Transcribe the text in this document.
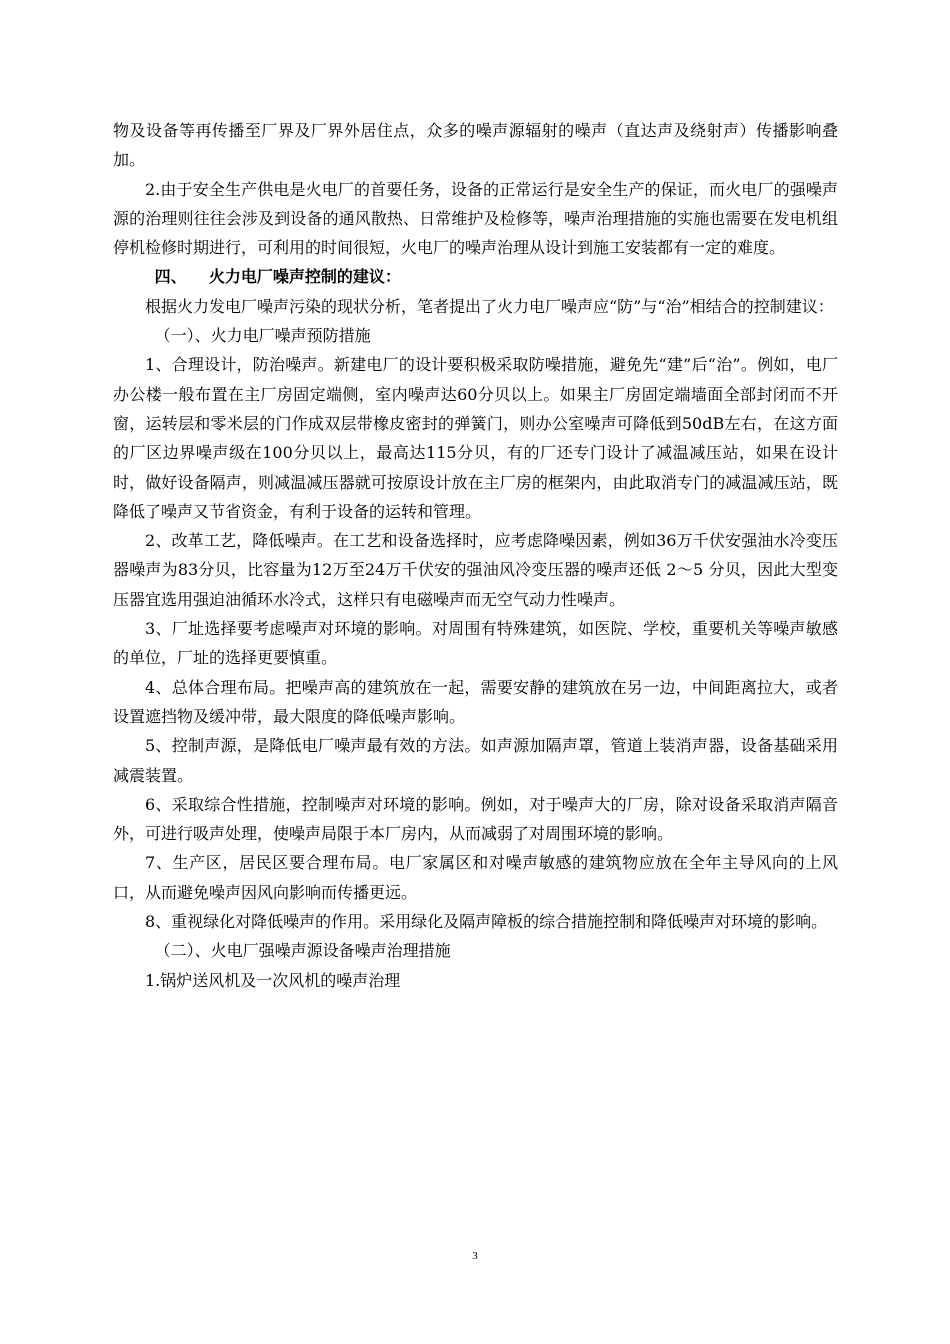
物及设备等再传播至厂界及厂界外居住点，众多的噪声源辐射的噪声（直达声及绕射声）传播影响叠加。

2.由于安全生产供电是火电厂的首要任务，设备的正常运行是安全生产的保证，而火电厂的强噪声源的治理则往往会涉及到设备的通风散热、日常维护及检修等，噪声治理措施的实施也需要在发电机组停机检修时期进行，可利用的时间很短，火电厂的噪声治理从设计到施工安装都有一定的难度。

四、    火力电厂噪声控制的建议：

根据火力发电厂噪声污染的现状分析，笔者提出了火力电厂噪声应“防”与“治”相结合的控制建议：

（一）、火力电厂噪声预防措施

1、合理设计，防治噪声。新建电厂的设计要积极采取防噪措施，避免先“建”后“治”。例如，电厂办公楼一般布置在主厂房固定端侧，室内噪声达60分贝以上。如果主厂房固定端墙面全部封闭而不开窗，运转层和零米层的门作成双层带橡皮密封的弹簧门，则办公室噪声可降低到50dB左右，在这方面的厂区边界噪声级在100分贝以上，最高达115分贝，有的厂还专门设计了减温减压站，如果在设计时，做好设备隔声，则减温减压器就可按原设计放在主厂房的框架内，由此取消专门的减温减压站，既降低了噪声又节省资金，有利于设备的运转和管理。

2、改革工艺，降低噪声。在工艺和设备选择时，应考虑降噪因素，例如36万千伏安强油水冷变压器噪声为83分贝，比容量为12万至24万千伏安的强油风冷变压器的噪声还低 2～5 分贝，因此大型变压器宜选用强迫油循环水冷式，这样只有电磁噪声而无空气动力性噪声。

3、厂址选择要考虑噪声对环境的影响。对周围有特殊建筑，如医院、学校，重要机关等噪声敏感的单位，厂址的选择更要慎重。

4、总体合理布局。把噪声高的建筑放在一起，需要安静的建筑放在另一边，中间距离拉大，或者设置遮挡物及缓冲带，最大限度的降低噪声影响。

5、控制声源，是降低电厂噪声最有效的方法。如声源加隔声罩，管道上装消声器，设备基础采用减震装置。

6、采取综合性措施，控制噪声对环境的影响。例如，对于噪声大的厂房，除对设备采取消声隔音外，可进行吸声处理，使噪声局限于本厂房内，从而减弱了对周围环境的影响。

7、生产区，居民区要合理布局。电厂家属区和对噪声敏感的建筑物应放在全年主导风向的上风口，从而避免噪声因风向影响而传播更远。

8、重视绿化对降低噪声的作用。采用绿化及隔声障板的综合措施控制和降低噪声对环境的影响。

（二）、火电厂强噪声源设备噪声治理措施

1.锅炉送风机及一次风机的噪声治理

3
